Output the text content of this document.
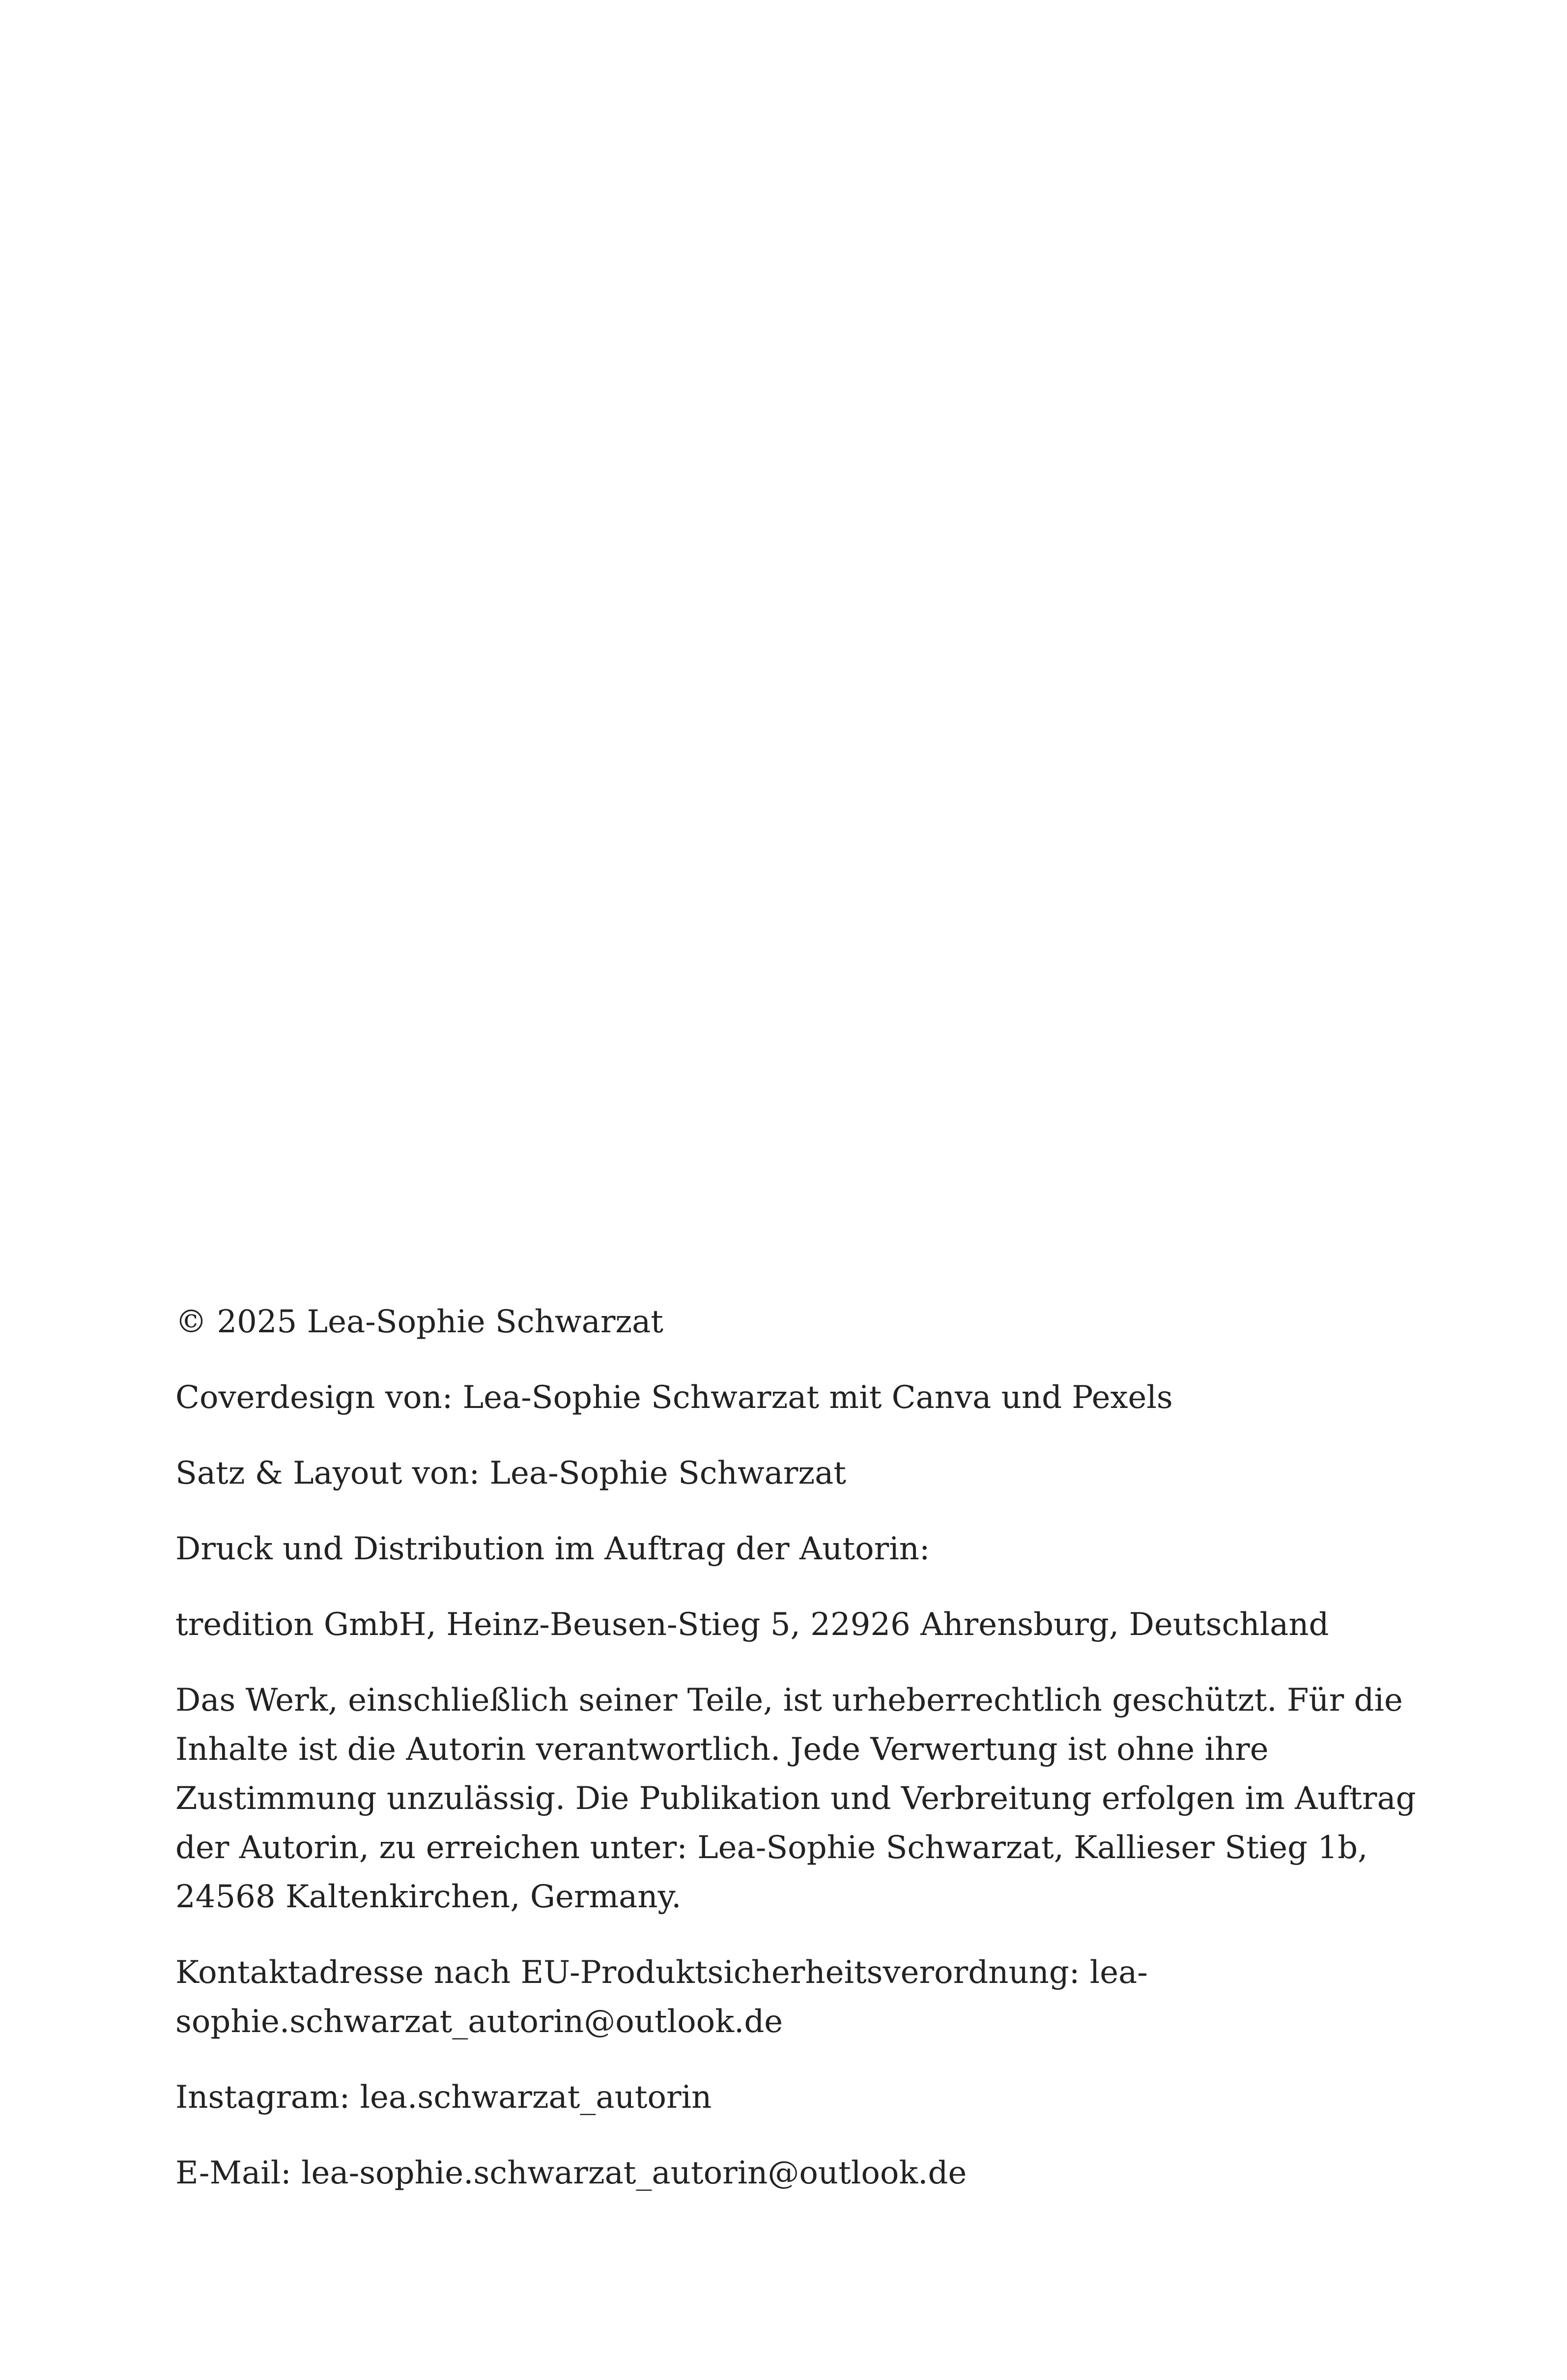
© 2025 Lea-Sophie Schwarzat

Coverdesign von: Lea-Sophie Schwarzat mit Canva und Pexels

Satz & Layout von: Lea-Sophie Schwarzat

Druck und Distribution im Auftrag der Autorin:

tredition GmbH, Heinz-Beusen-Stieg 5, 22926 Ahrensburg, Deutschland

Das Werk, einschließlich seiner Teile, ist urheberrechtlich geschützt. Für die
Inhalte ist die Autorin verantwortlich. Jede Verwertung ist ohne ihre
Zustimmung unzulässig. Die Publikation und Verbreitung erfolgen im Auftrag
der Autorin, zu erreichen unter: Lea-Sophie Schwarzat, Kallieser Stieg 1b,
24568 Kaltenkirchen, Germany.

Kontaktadresse nach EU-Produktsicherheitsverordnung: lea-
sophie.schwarzat_autorin@outlook.de

Instagram: lea.schwarzat_autorin

E-Mail: lea-sophie.schwarzat_autorin@outlook.de
